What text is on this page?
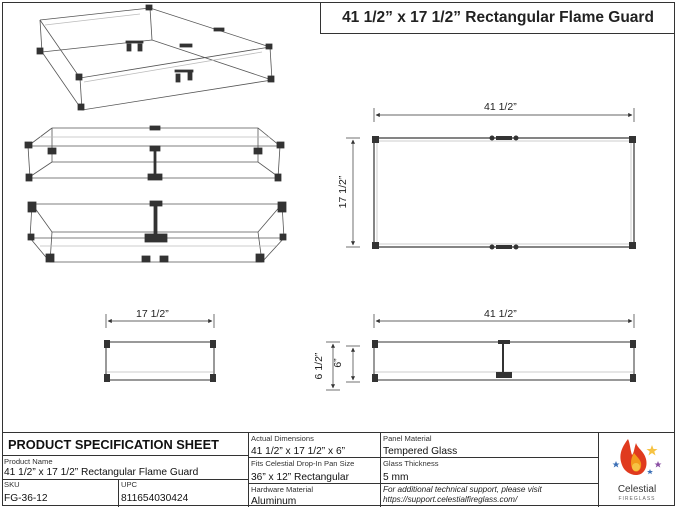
41 1/2” x 17 1/2” Rectangular Flame Guard
41 1/2”
17 1/2”
17 1/2”	41 1/2”
6 1/2” 6”
PRODUCT SPECIFICATION SHEET
Product Name
41 1/2” x 17 1/2” Rectangular Flame Guard
SKU
FG-36-12
UPC
811654030424
Actual Dimensions
41 1/2” x 17 1/2” x 6”
Fits Celestial Drop-In Pan Size
36” x 12” Rectangular
Hardware Material
Aluminum
Panel Material
Tempered Glass
Glass Thickness
5 mm
For additional technical support, please visit
https://support.celestialfireglass.com/
Celestial
FIREGLASS
